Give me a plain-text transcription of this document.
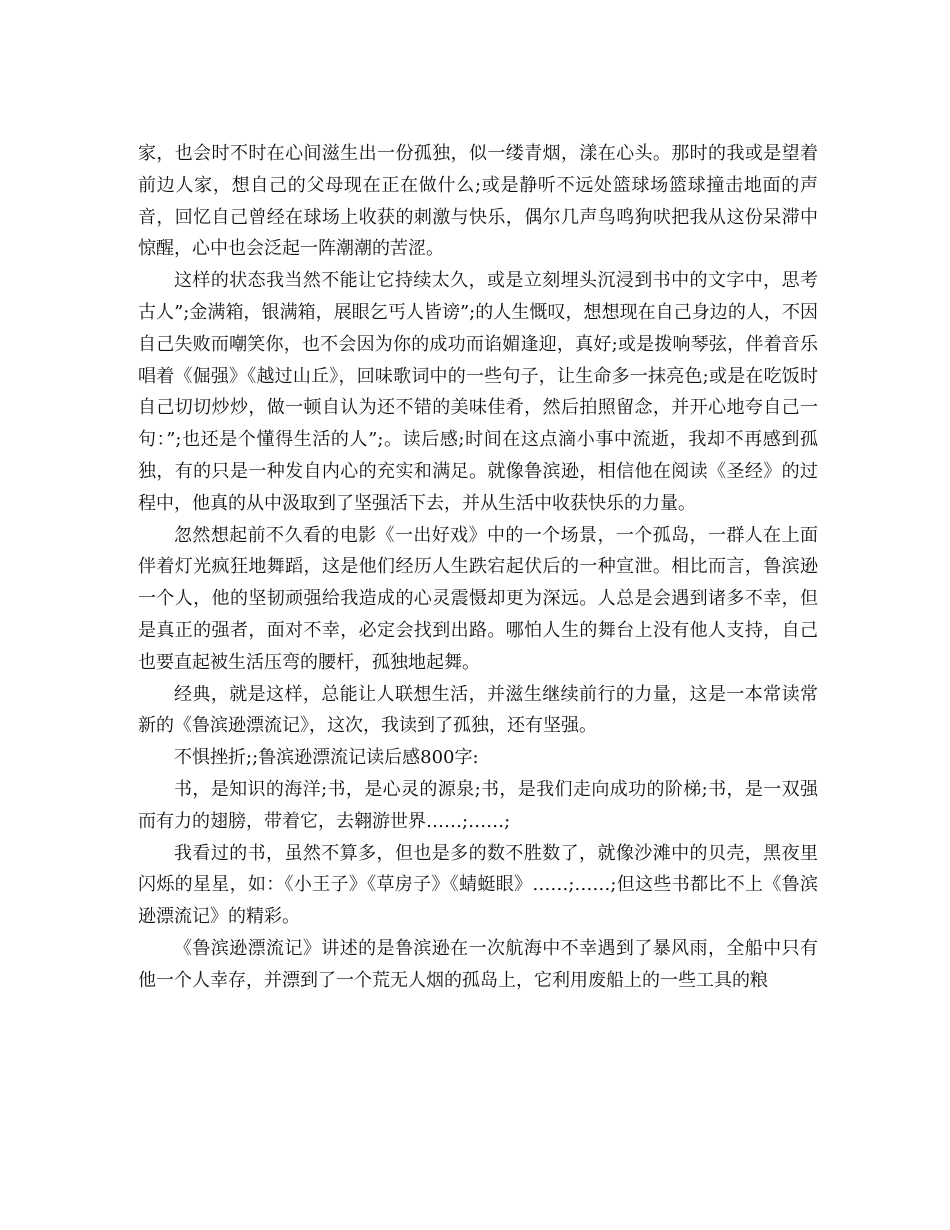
家，也会时不时在心间滋生出一份孤独，似一缕青烟，漾在心头。那时的我或是望着前边人家，想自己的父母现在正在做什么;或是静听不远处篮球场篮球撞击地面的声音，回忆自己曾经在球场上收获的刺激与快乐，偶尔几声鸟鸣狗吠把我从这份呆滞中惊醒，心中也会泛起一阵潮潮的苦涩。

这样的状态我当然不能让它持续太久，或是立刻埋头沉浸到书中的文字中，思考古人”;金满箱，银满箱，展眼乞丐人皆谤”;的人生慨叹，想想现在自己身边的人，不因自己失败而嘲笑你，也不会因为你的成功而谄媚逢迎，真好;或是拨响琴弦，伴着音乐唱着《倔强》《越过山丘》，回味歌词中的一些句子，让生命多一抹亮色;或是在吃饭时自己切切炒炒，做一顿自认为还不错的美味佳肴，然后拍照留念，并开心地夸自己一句：”;也还是个懂得生活的人”;。读后感;时间在这点滴小事中流逝，我却不再感到孤独，有的只是一种发自内心的充实和满足。就像鲁滨逊，相信他在阅读《圣经》的过程中，他真的从中汲取到了坚强活下去，并从生活中收获快乐的力量。

忽然想起前不久看的电影《一出好戏》中的一个场景，一个孤岛，一群人在上面伴着灯光疯狂地舞蹈，这是他们经历人生跌宕起伏后的一种宣泄。相比而言，鲁滨逊一个人，他的坚韧顽强给我造成的心灵震慑却更为深远。人总是会遇到诸多不幸，但是真正的强者，面对不幸，必定会找到出路。哪怕人生的舞台上没有他人支持，自己也要直起被生活压弯的腰杆，孤独地起舞。

经典，就是这样，总能让人联想生活，并滋生继续前行的力量，这是一本常读常新的《鲁滨逊漂流记》，这次，我读到了孤独，还有坚强。

不惧挫折;;鲁滨逊漂流记读后感800字:

书，是知识的海洋;书，是心灵的源泉;书，是我们走向成功的阶梯;书，是一双强而有力的翅膀，带着它，去翱游世界……;……;

我看过的书，虽然不算多，但也是多的数不胜数了，就像沙滩中的贝壳，黑夜里闪烁的星星，如：《小王子》《草房子》《蜻蜓眼》……;……;但这些书都比不上《鲁滨逊漂流记》的精彩。

《鲁滨逊漂流记》讲述的是鲁滨逊在一次航海中不幸遇到了暴风雨，全船中只有他一个人幸存，并漂到了一个荒无人烟的孤岛上，它利用废船上的一些工具的粮
